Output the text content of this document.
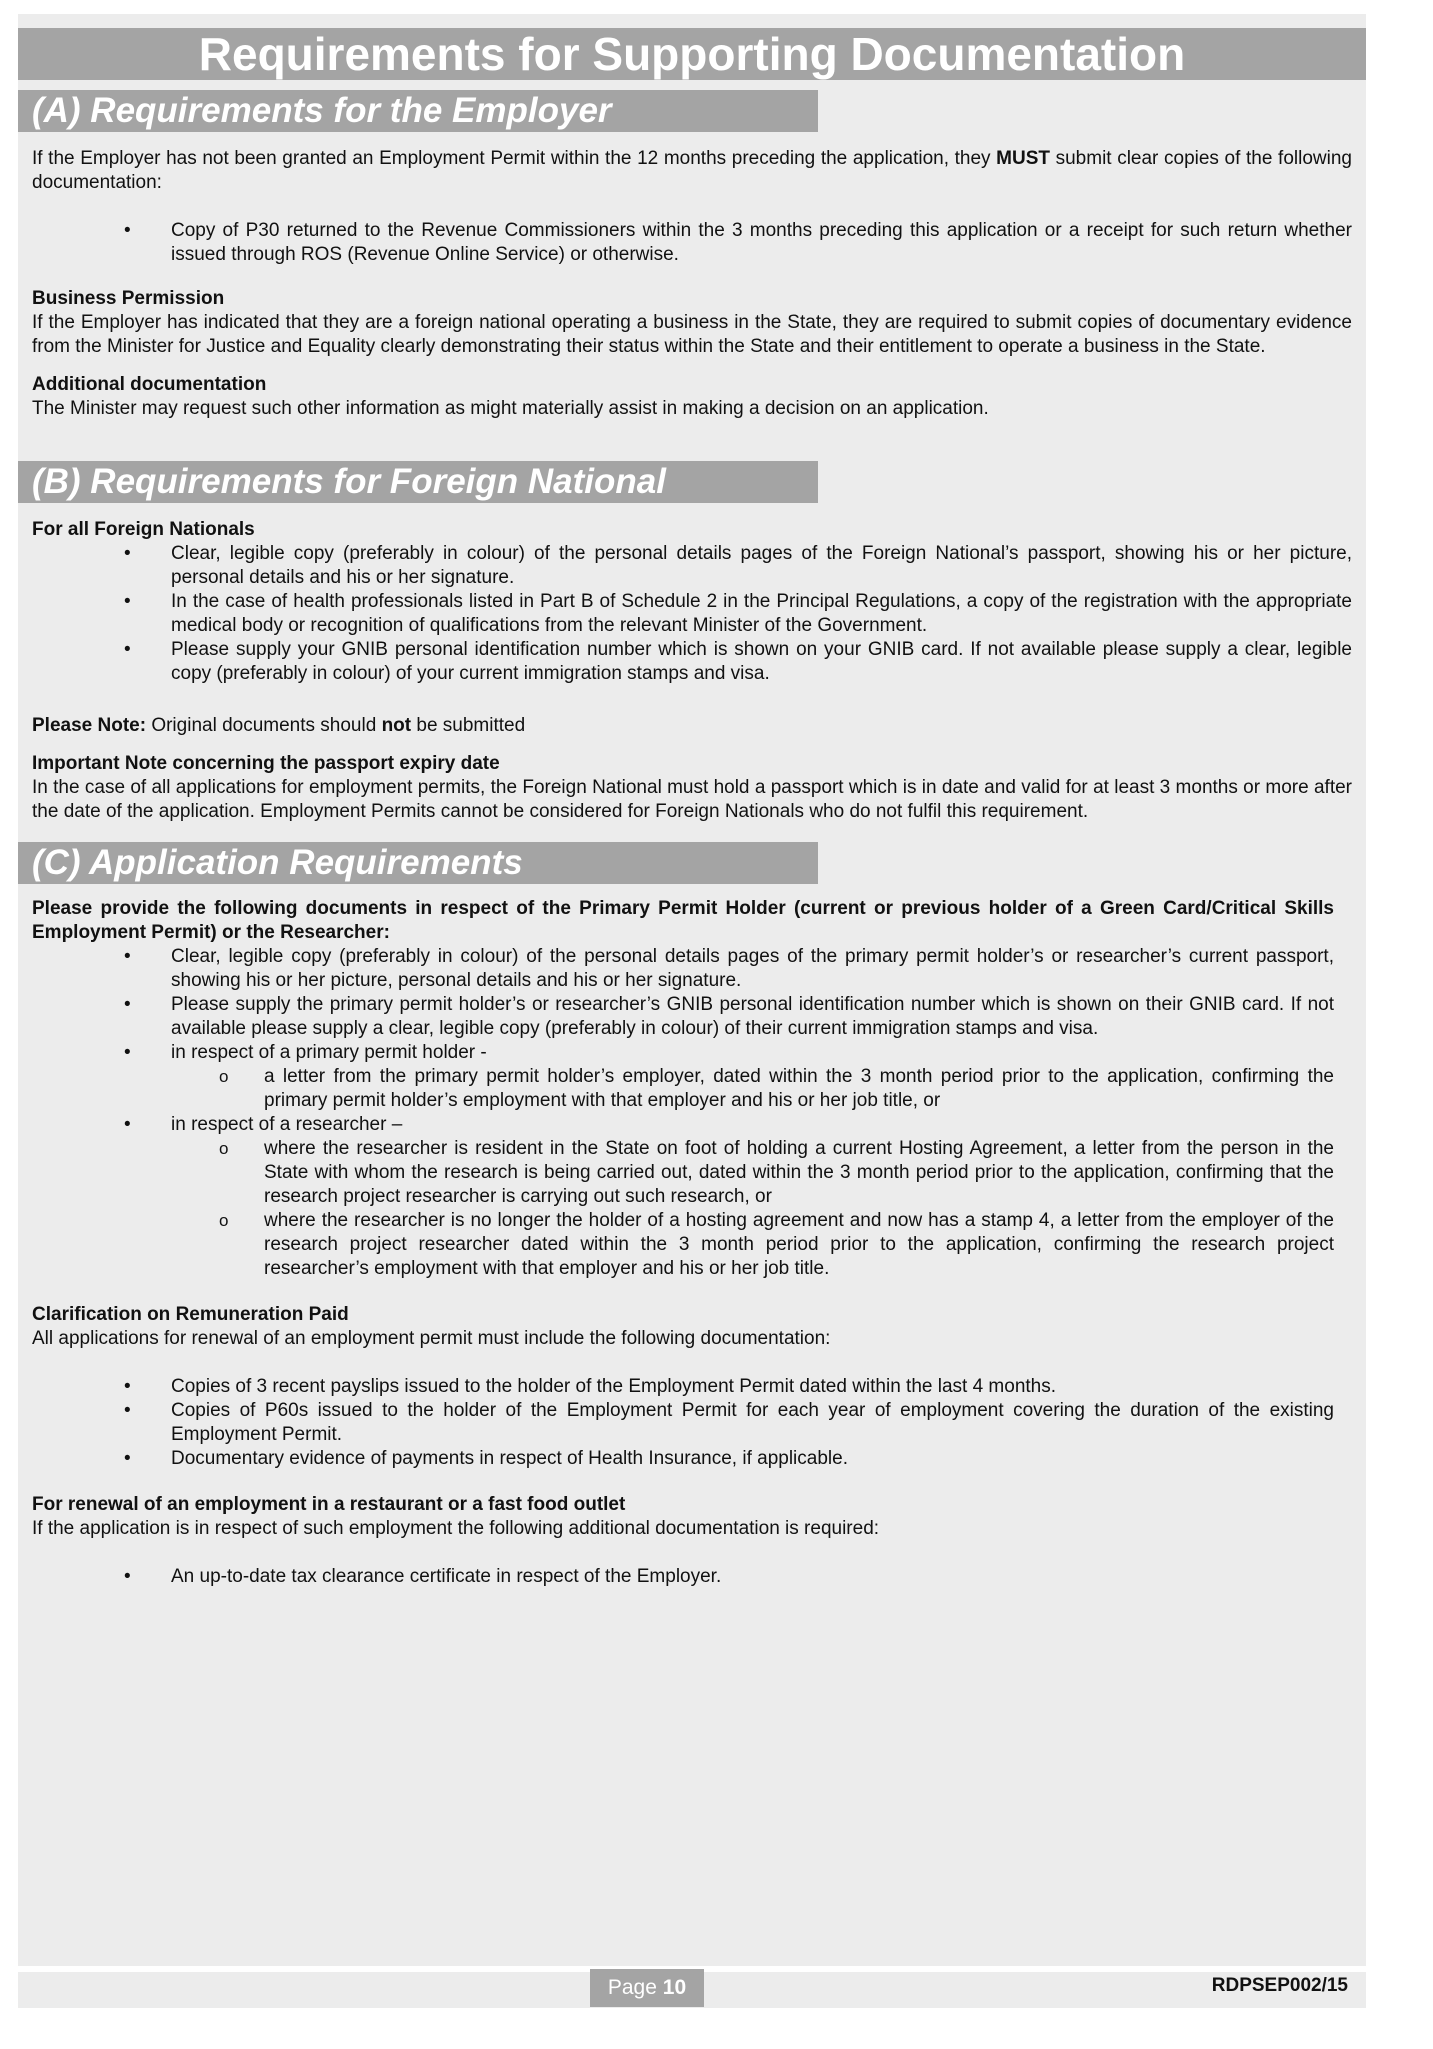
Requirements for Supporting Documentation
(A) Requirements for the Employer

If the Employer has not been granted an Employment Permit within the 12 months preceding the application, they MUST submit clear copies of the following documentation:

• Copy of P30 returned to the Revenue Commissioners within the 3 months preceding this application or a receipt for such return whether issued through ROS (Revenue Online Service) or otherwise.

Business Permission

If the Employer has indicated that they are a foreign national operating a business in the State, they are required to submit copies of documentary evidence from the Minister for Justice and Equality clearly demonstrating their status within the State and their entitlement to operate a business in the State.

Additional documentation

The Minister may request such other information as might materially assist in making a decision on an application.

(B) Requirements for Foreign National

For all Foreign Nationals

• Clear, legible copy (preferably in colour) of the personal details pages of the Foreign National’s passport, showing his or her picture, personal details and his or her signature.
• In the case of health professionals listed in Part B of Schedule 2 in the Principal Regulations, a copy of the registration with the appropriate medical body or recognition of qualifications from the relevant Minister of the Government.
• Please supply your GNIB personal identification number which is shown on your GNIB card. If not available please supply a clear, legible copy (preferably in colour) of your current immigration stamps and visa.

Please Note: Original documents should not be submitted

Important Note concerning the passport expiry date

In the case of all applications for employment permits, the Foreign National must hold a passport which is in date and valid for at least 3 months or more after the date of the application. Employment Permits cannot be considered for Foreign Nationals who do not fulfil this requirement.

(C) Application Requirements

Please provide the following documents in respect of the Primary Permit Holder (current or previous holder of a Green Card/Critical Skills Employment Permit) or the Researcher:

• Clear, legible copy (preferably in colour) of the personal details pages of the primary permit holder’s or researcher’s current passport, showing his or her picture, personal details and his or her signature.
• Please supply the primary permit holder’s or researcher’s GNIB personal identification number which is shown on their GNIB card. If not available please supply a clear, legible copy (preferably in colour) of their current immigration stamps and visa.
• in respect of a primary permit holder -
o a letter from the primary permit holder’s employer, dated within the 3 month period prior to the application, confirming the primary permit holder’s employment with that employer and his or her job title, or
• in respect of a researcher –
o where the researcher is resident in the State on foot of holding a current Hosting Agreement, a letter from the person in the State with whom the research is being carried out, dated within the 3 month period prior to the application, confirming that the research project researcher is carrying out such research, or
o where the researcher is no longer the holder of a hosting agreement and now has a stamp 4, a letter from the employer of the research project researcher dated within the 3 month period prior to the application, confirming the research project researcher’s employment with that employer and his or her job title.

Clarification on Remuneration Paid

All applications for renewal of an employment permit must include the following documentation:

• Copies of 3 recent payslips issued to the holder of the Employment Permit dated within the last 4 months.
• Copies of P60s issued to the holder of the Employment Permit for each year of employment covering the duration of the existing Employment Permit.
• Documentary evidence of payments in respect of Health Insurance, if applicable.

For renewal of an employment in a restaurant or a fast food outlet

If the application is in respect of such employment the following additional documentation is required:

• An up-to-date tax clearance certificate in respect of the Employer.
Page 10	RDPSEP002/15
